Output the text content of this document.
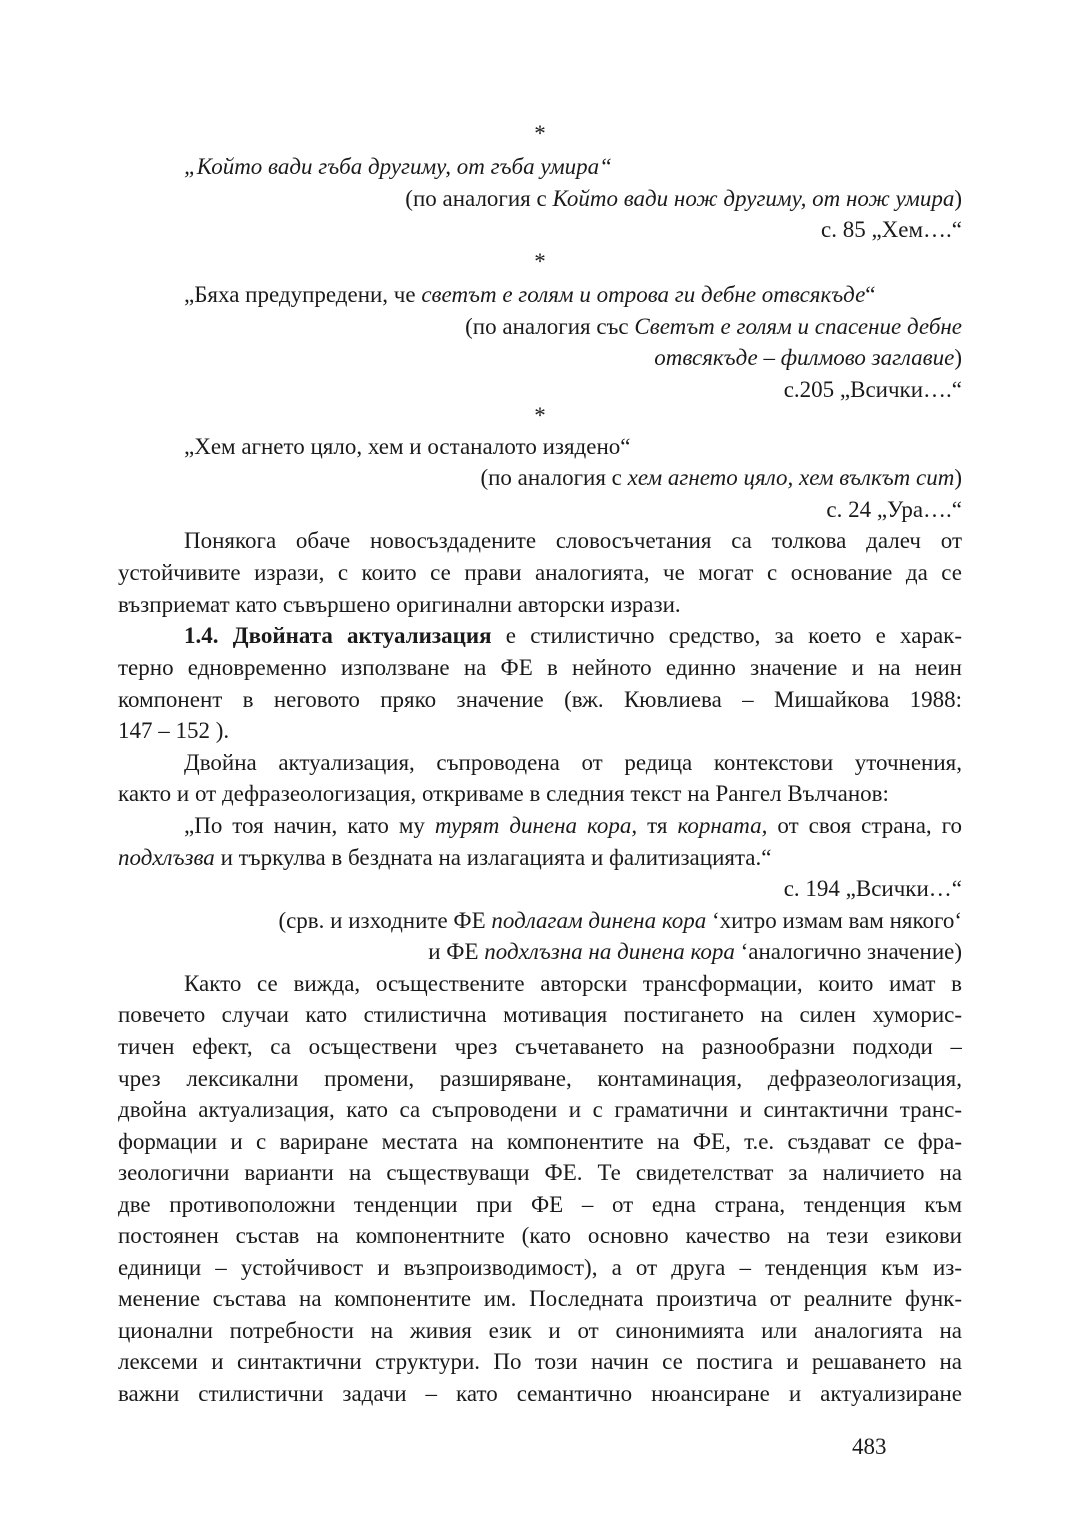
*
„Който вади гъба другиму, от гъба умира“
(по аналогия с Който вади нож другиму, от нож умира)
с. 85 „Хем….“
*
„Бяха предупредени, че светът е голям и отрова ги дебне отвсякъде“
(по аналогия със Светът е голям и спасение дебне
отвсякъде – филмово заглавие)
с.205 „Всички….“
*
„Хем агнето цяло, хем и останалото изядено“
(по аналогия с хем агнето цяло, хем вълкът сит)
с. 24 „Ура….“
Понякога обаче новосъздадените словосъчетания са толкова далеч от
устойчивите изрази, с които се прави аналогията, че могат с основание да се
възприемат като съвършено оригинални авторски изрази.
1.4. Двойната актуализация е стилистично средство, за което е харак-
терно едновременно използване на ФЕ в нейното единно значение и на неин
компонент в неговото пряко значение (вж. Кювлиева – Мишайкова 1988:
147 – 152 ).
Двойна актуализация, съпроводена от редица контекстови уточнения,
както и от дефразеологизация, откриваме в следния текст на Рангел Вълчанов:
„По тоя начин, като му турят динена кора, тя корната, от своя страна, го
подхлъзва и търкулва в бездната на излагацията и фалитизацията.“
с. 194 „Всички…“
(срв. и изходните ФЕ подлагам динена кора ‘хитро измам вам някого‘
и ФЕ подхлъзна на динена кора ‘аналогично значение)
Както се вижда, осъществените авторски трансформации, които имат в
повечето случаи като стилистична мотивация постигането на силен хуморис-
тичен ефект, са осъществени чрез съчетаването на разнообразни подходи –
чрез лексикални промени, разширяване, контаминация, дефразеологизация,
двойна актуализация, като са съпроводени и с граматични и синтактични транс-
формации и с вариране местата на компонентите на ФЕ, т.е. създават се фра-
зеологични варианти на съществуващи ФЕ. Те свидетелстват за наличието на
две противоположни тенденции при ФЕ – от една страна, тенденция към
постоянен състав на компонентните (като основно качество на тези езикови
единици – устойчивост и възпроизводимост), а от друга – тенденция към из-
менение състава на компонентите им. Последната произтича от реалните функ-
ционални потребности на живия език и от синонимията или аналогията на
лексеми и синтактични структури. По този начин се постига и решаването на
важни стилистични задачи – като семантично нюансиране и актуализиране
483
